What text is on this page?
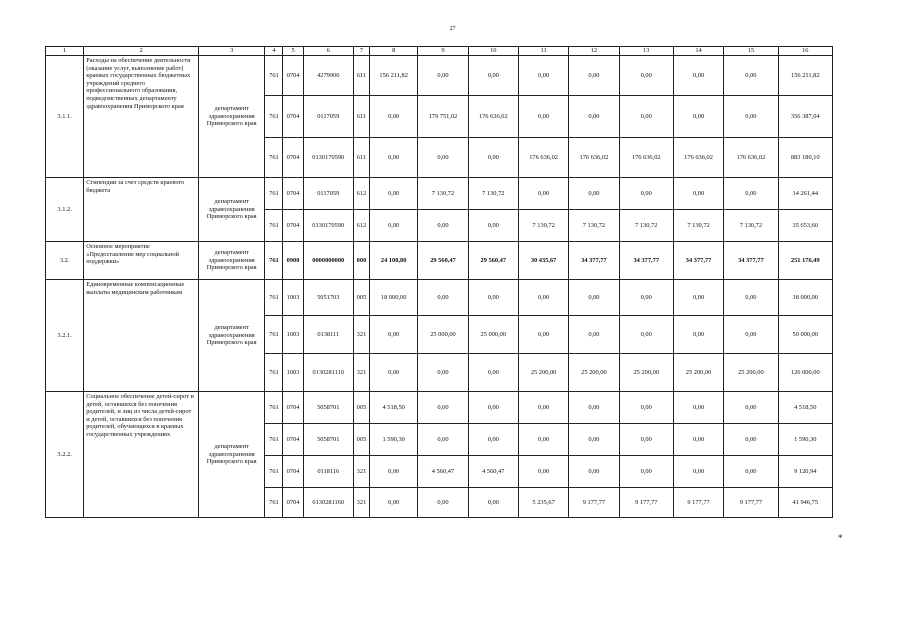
27
1	2	3	4	5	6	7	8	9	10	11	12	13	14	15	16
3.1.1.	Расходы на обеспечение деятельности (оказание услуг, выполнение работ) краевых государственных бюджетных учреждений среднего профессионального образования, подведомственных департаменту здравоохранения Приморского края	департамент здравоохранения Приморского края	761	0704	4279900	611	156 211,82	0,00	0,00	0,00	0,00	0,00	0,00	0,00	156 211,82
			761	0704	0117059	611	0,00	179 751,02	176 636,02	0,00	0,00	0,00	0,00	0,00	356 387,04
			761	0704	0130170590	611	0,00	0,00	0,00	176 636,02	176 636,02	176 636,02	176 636,02	176 636,02	883 180,10
3.1.2.	Стипендии за счет средств краевого бюджета	департамент здравоохранения Приморского края	761	0704	0117059	612	0,00	7 130,72	7 130,72	0,00	0,00	0,00	0,00	0,00	14 261,44
			761	0704	0130170590	612	0,00	0,00	0,00	7 130,72	7 130,72	7 130,72	7 130,72	7 130,72	35 653,60
3.2.	Основное мероприятие «Предоставление мер социальной поддержки»	департамент здравоохранения Приморского края	761	0900	0000000000	000	24 108,80	29 560,47	29 560,47	30 435,67	34 377,77	34 377,77	34 377,77	34 377,77	251 176,49
3.2.1.	Единовременные компенсационные выплаты медицинским работникам	департамент здравоохранения Приморского края	761	1003	5051703	005	18 000,00	0,00	0,00	0,00	0,00	0,00	0,00	0,00	18 000,00
			761	1003	0138111	321	0,00	25 000,00	25 000,00	0,00	0,00	0,00	0,00	0,00	50 000,00
			761	1003	0130281110	321	0,00	0,00	0,00	25 200,00	25 200,00	25 200,00	25 200,00	25 200,00	126 000,00
3.2.2.	Социальное обеспечение детей-сирот и детей, оставшихся без попечения родителей, и лиц из числа детей-сирот и детей, оставшихся без попечения родителей, обучающихся в краевых государственных учреждениях	департамент здравоохранения Приморского края	761	0704	5058701	005	4 518,50	0,00	0,00	0,00	0,00	0,00	0,00	0,00	4 518,50
			761	0704	5058701	005	1 590,30	0,00	0,00	0,00	0,00	0,00	0,00	0,00	1 590,30
			761	0704	0118116	321	0,00	4 560,47	4 560,47	0,00	0,00	0,00	0,00	0,00	9 120,94
			761	0704	0130281160	321	0,00	0,00	0,00	5 235,67	9 177,77	9 177,77	9 177,77	9 177,77	41 946,75
*
